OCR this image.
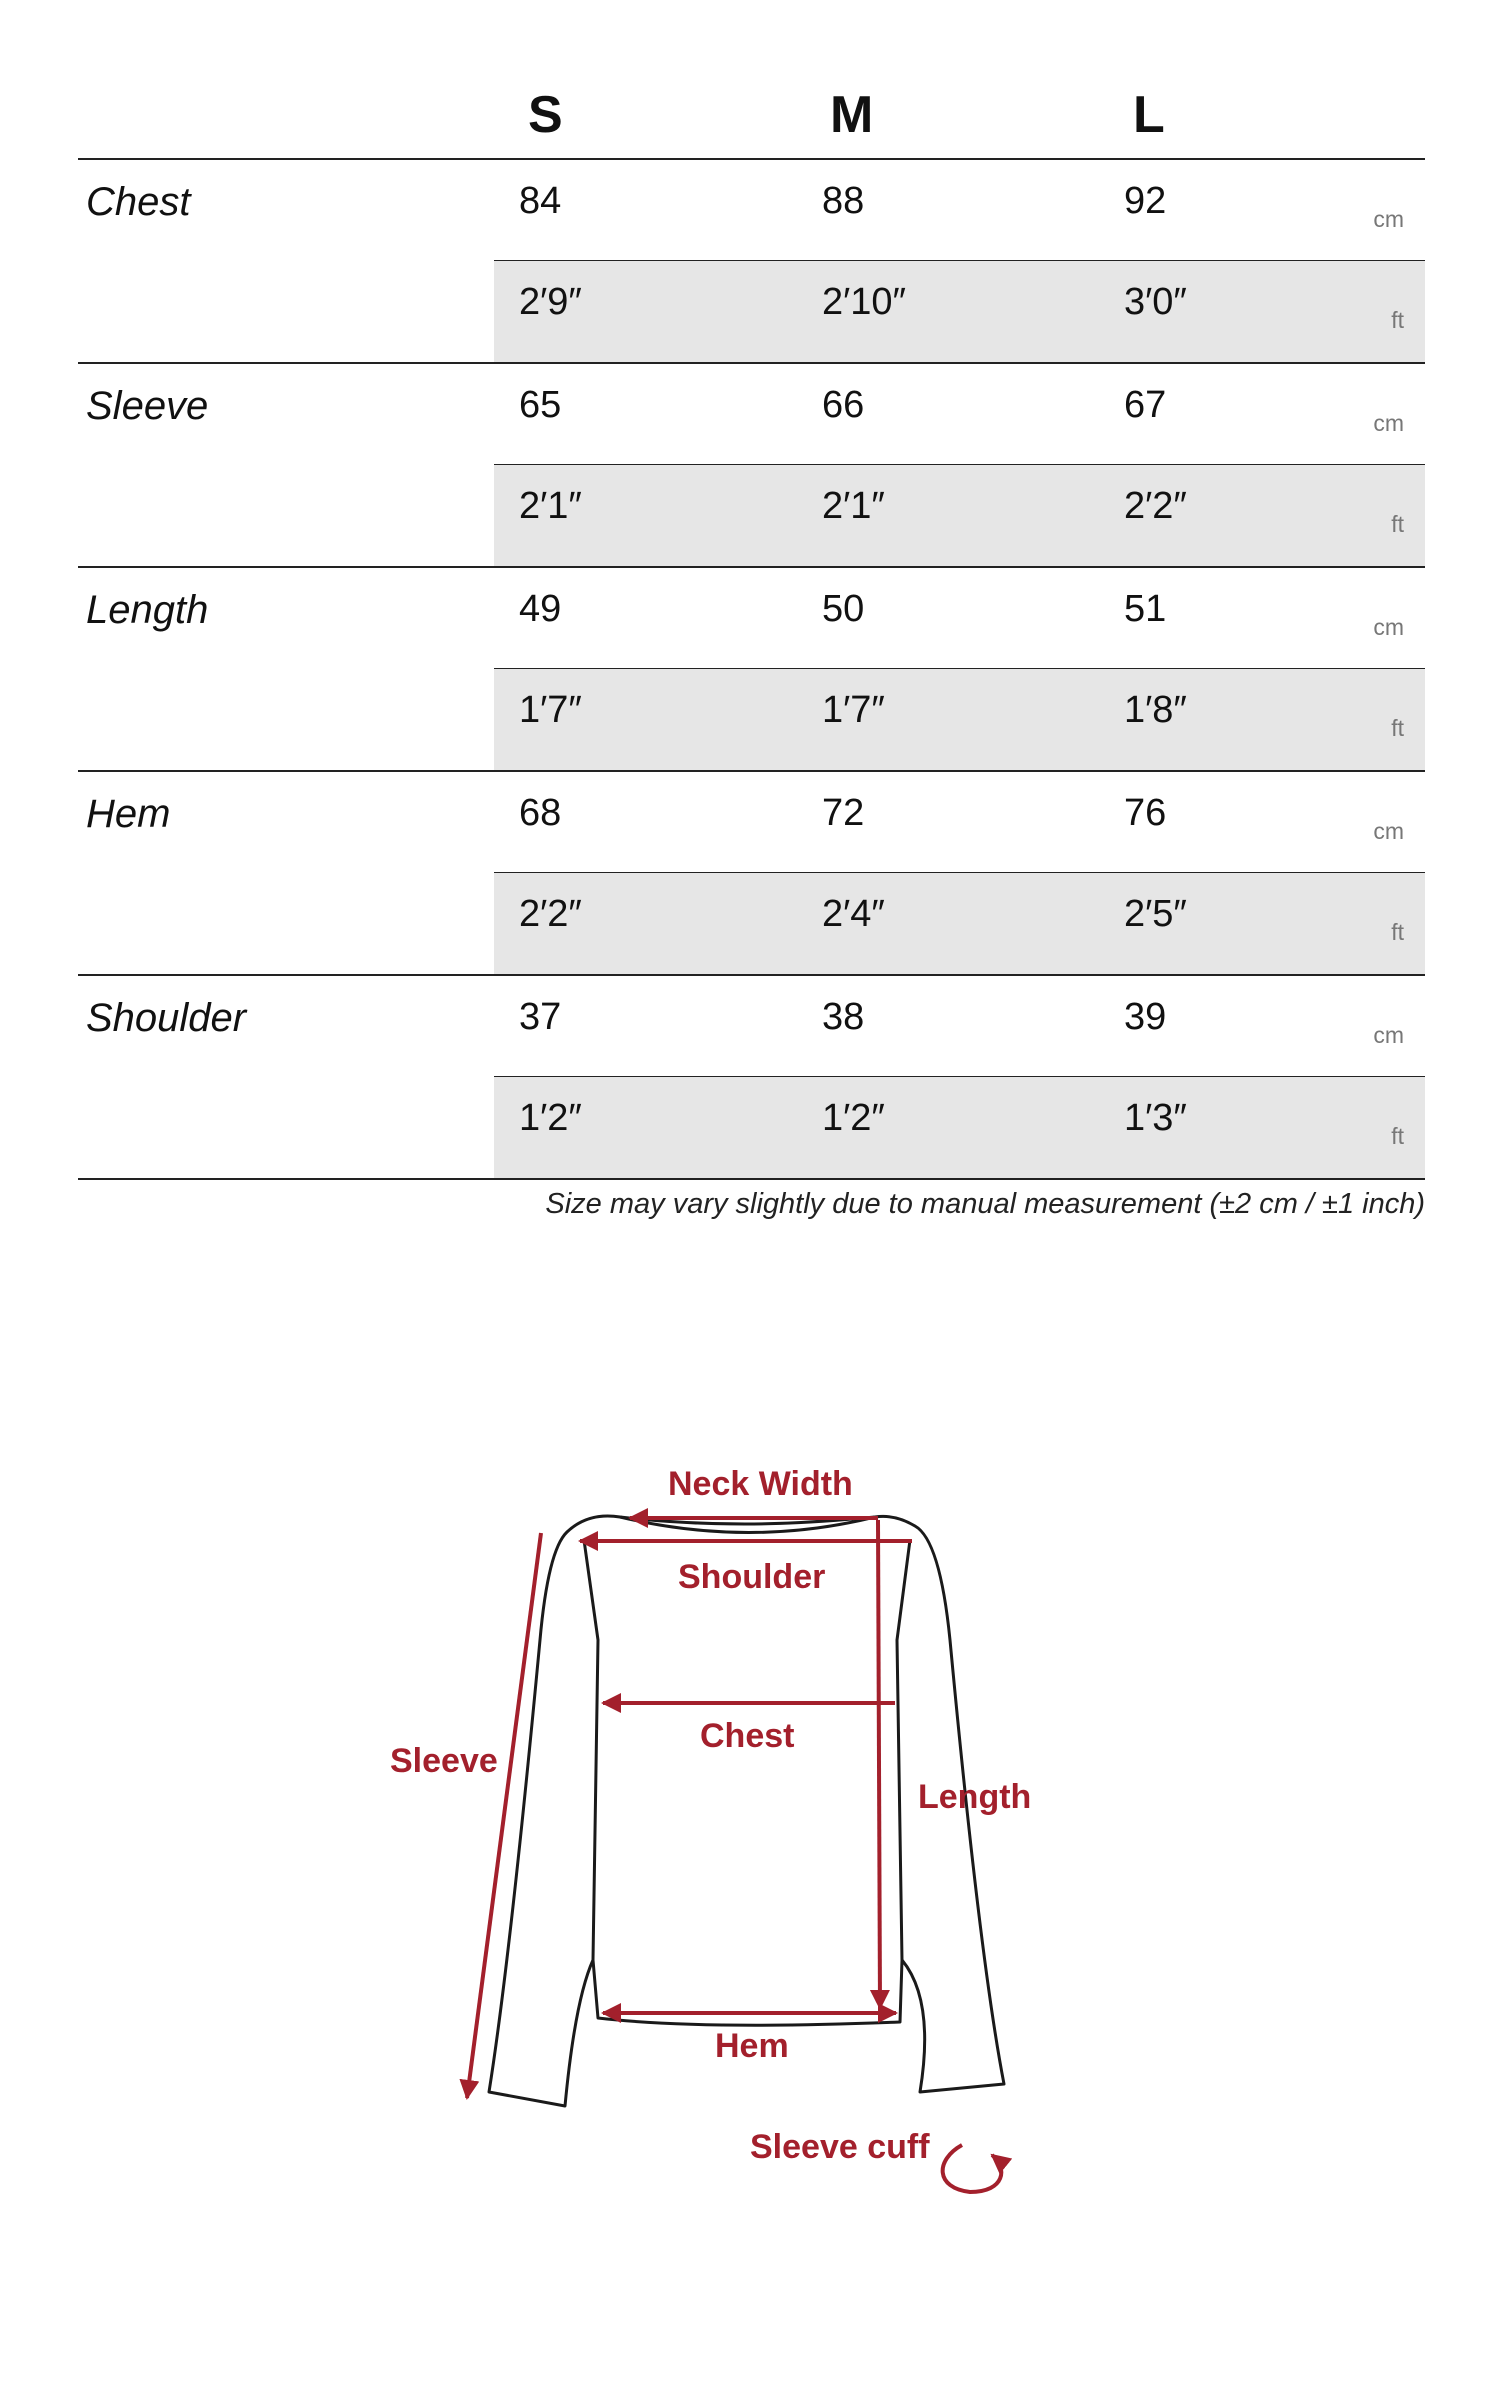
S	M	L
Chest	84	88	92	cm
2′9″	2′10″	3′0″	ft
Sleeve	65	66	67	cm
2′1″	2′1″	2′2″	ft
Length	49	50	51	cm
1′7″	1′7″	1′8″	ft
Hem	68	72	76	cm
2′2″	2′4″	2′5″	ft
Shoulder	37	38	39	cm
1′2″	1′2″	1′3″	ft
Size may vary slightly due to manual measurement (±2 cm / ±1 inch)
Neck Width
Shoulder
Chest
Sleeve
Length
Hem
Sleeve cuff
